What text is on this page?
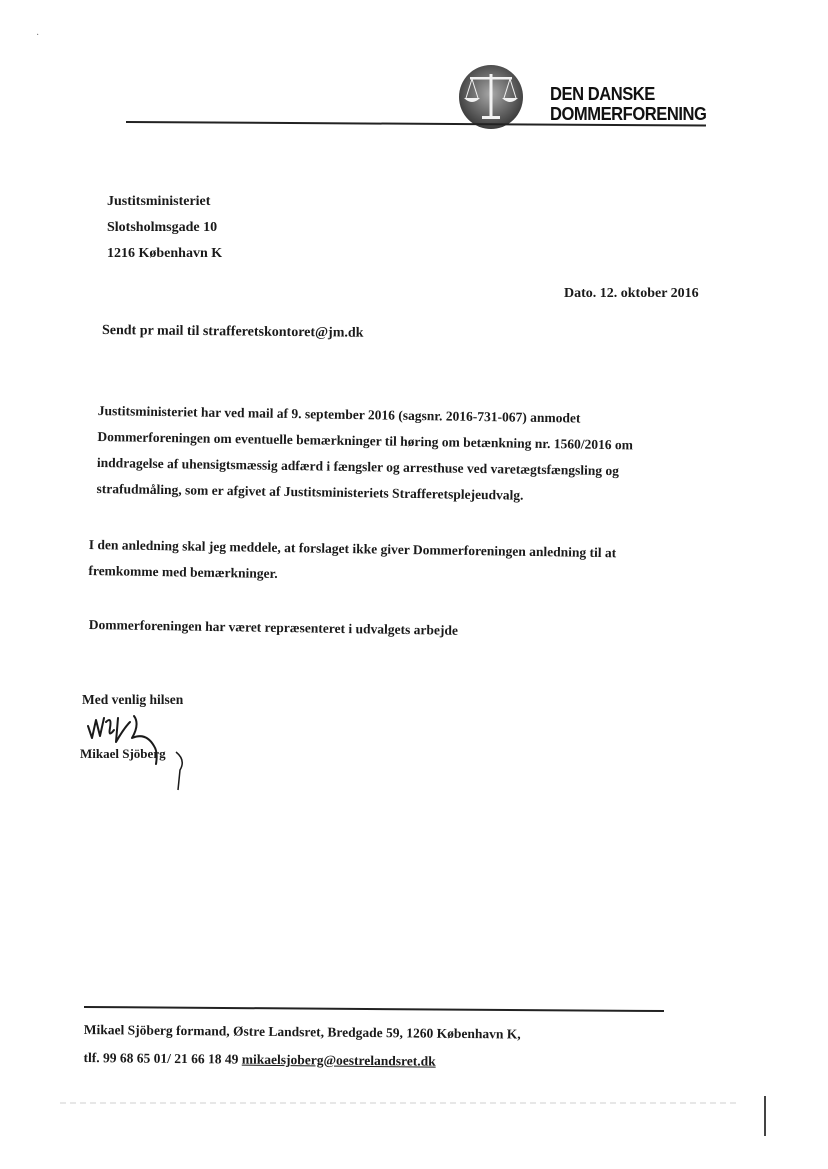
·
DEN DANSKE
DOMMERFORENING
Justitsministeriet
Slotsholmsgade 10
1216 København K
Dato. 12. oktober 2016
Sendt pr mail til strafferetskontoret@jm.dk
Justitsministeriet har ved mail af 9. september 2016 (sagsnr. 2016-731-067) anmodet Dommerforeningen om eventuelle bemærkninger til høring om betænkning nr. 1560/2016 om inddragelse af uhensigtsmæssig adfærd i fængsler og arresthuse ved varetægtsfængsling og strafudmåling, som er afgivet af Justitsministeriets Strafferetsplejeudvalg.
I den anledning skal jeg meddele, at forslaget ikke giver Dommerforeningen anledning til at fremkomme med bemærkninger.
Dommerforeningen har været repræsenteret i udvalgets arbejde
Med venlig hilsen
Mikael Sjöberg
Mikael Sjöberg formand, Østre Landsret, Bredgade 59, 1260 København K,
tlf. 99 68 65 01/ 21 66 18 49 mikaelsjoberg@oestrelandsret.dk
